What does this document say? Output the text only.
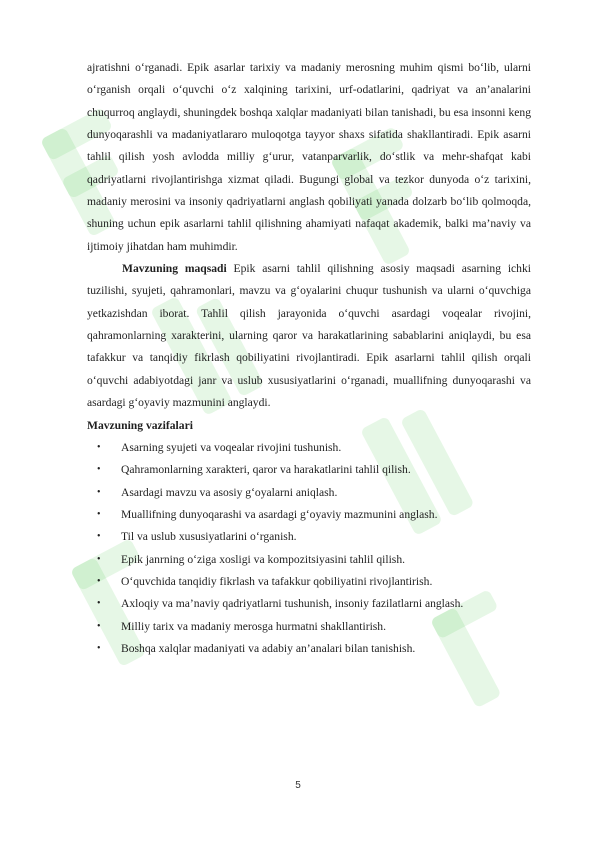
ajratishni o‘rganadi. Epik asarlar tarixiy va madaniy merosning muhim qismi bo‘lib, ularni o‘rganish orqali o‘quvchi o‘z xalqining tarixini, urf-odatlarini, qadriyat va an’analarini chuqurroq anglaydi, shuningdek boshqa xalqlar madaniyati bilan tanishadi, bu esa insonni keng dunyoqarashli va madaniyatlararo muloqotga tayyor shaxs sifatida shakllantiradi. Epik asarni tahlil qilish yosh avlodda milliy g‘urur, vatanparvarlik, do‘stlik va mehr-shafqat kabi qadriyatlarni rivojlantirishga xizmat qiladi. Bugungi global va tezkor dunyoda o‘z tarixini, madaniy merosini va insoniy qadriyatlarni anglash qobiliyati yanada dolzarb bo‘lib qolmoqda, shuning uchun epik asarlarni tahlil qilishning ahamiyati nafaqat akademik, balki ma’naviy va ijtimoiy jihatdan ham muhimdir.

Mavzuning maqsadi Epik asarni tahlil qilishning asosiy maqsadi asarning ichki tuzilishi, syujeti, qahramonlari, mavzu va g‘oyalarini chuqur tushunish va ularni o‘quvchiga yetkazishdan iborat. Tahlil qilish jarayonida o‘quvchi asardagi voqealar rivojini, qahramonlarning xarakterini, ularning qaror va harakatlarining sabablarini aniqlaydi, bu esa tafakkur va tanqidiy fikrlash qobiliyatini rivojlantiradi. Epik asarlarni tahlil qilish orqali o‘quvchi adabiyotdagi janr va uslub xususiyatlarini o‘rganadi, muallifning dunyoqarashi va asardagi g‘oyaviy mazmunini anglaydi.

Mavzuning vazifalari

• Asarning syujeti va voqealar rivojini tushunish.
• Qahramonlarning xarakteri, qaror va harakatlarini tahlil qilish.
• Asardagi mavzu va asosiy g‘oyalarni aniqlash.
• Muallifning dunyoqarashi va asardagi g‘oyaviy mazmunini anglash.
• Til va uslub xususiyatlarini o‘rganish.
• Epik janrning o‘ziga xosligi va kompozitsiyasini tahlil qilish.
• O‘quvchida tanqidiy fikrlash va tafakkur qobiliyatini rivojlantirish.
• Axloqiy va ma’naviy qadriyatlarni tushunish, insoniy fazilatlarni anglash.
• Milliy tarix va madaniy merosga hurmatni shakllantirish.
• Boshqa xalqlar madaniyati va adabiy an’analari bilan tanishish.
5
